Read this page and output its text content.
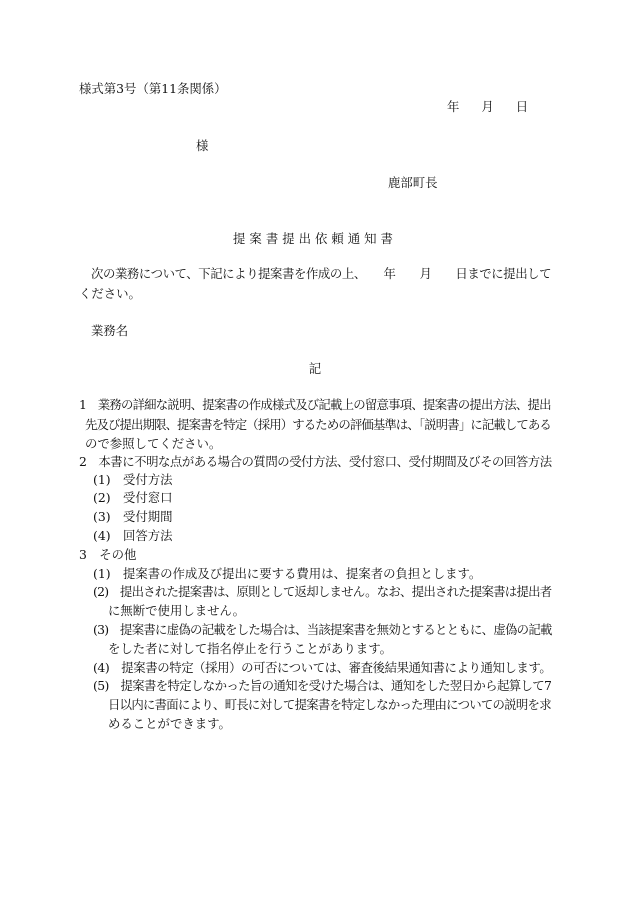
様式第3号（第11条関係）
年 月 日
様
鹿部町長
提案書提出依頼通知書
次の業務について、下記により提案書を作成の上、　　年　　月　　日までに提出して
ください。
業務名
記
1　業務の詳細な説明、提案書の作成様式及び記載上の留意事項、提案書の提出方法、提出
先及び提出期限、提案書を特定（採用）するための評価基準は、「説明書」に記載してある
ので参照してください。
2　本書に不明な点がある場合の質問の受付方法、受付窓口、受付期間及びその回答方法
(1)　受付方法
(2)　受付窓口
(3)　受付期間
(4)　回答方法
3　その他
(1)　提案書の作成及び提出に要する費用は、提案者の負担とします。
(2)　提出された提案書は、原則として返却しません。なお、提出された提案書は提出者
に無断で使用しません。
(3)　提案書に虚偽の記載をした場合は、当該提案書を無効とするとともに、虚偽の記載
をした者に対して指名停止を行うことがあります。
(4)　提案書の特定（採用）の可否については、審査後結果通知書により通知します。
(5)　提案書を特定しなかった旨の通知を受けた場合は、通知をした翌日から起算して7
日以内に書面により、町長に対して提案書を特定しなかった理由についての説明を求
めることができます。
